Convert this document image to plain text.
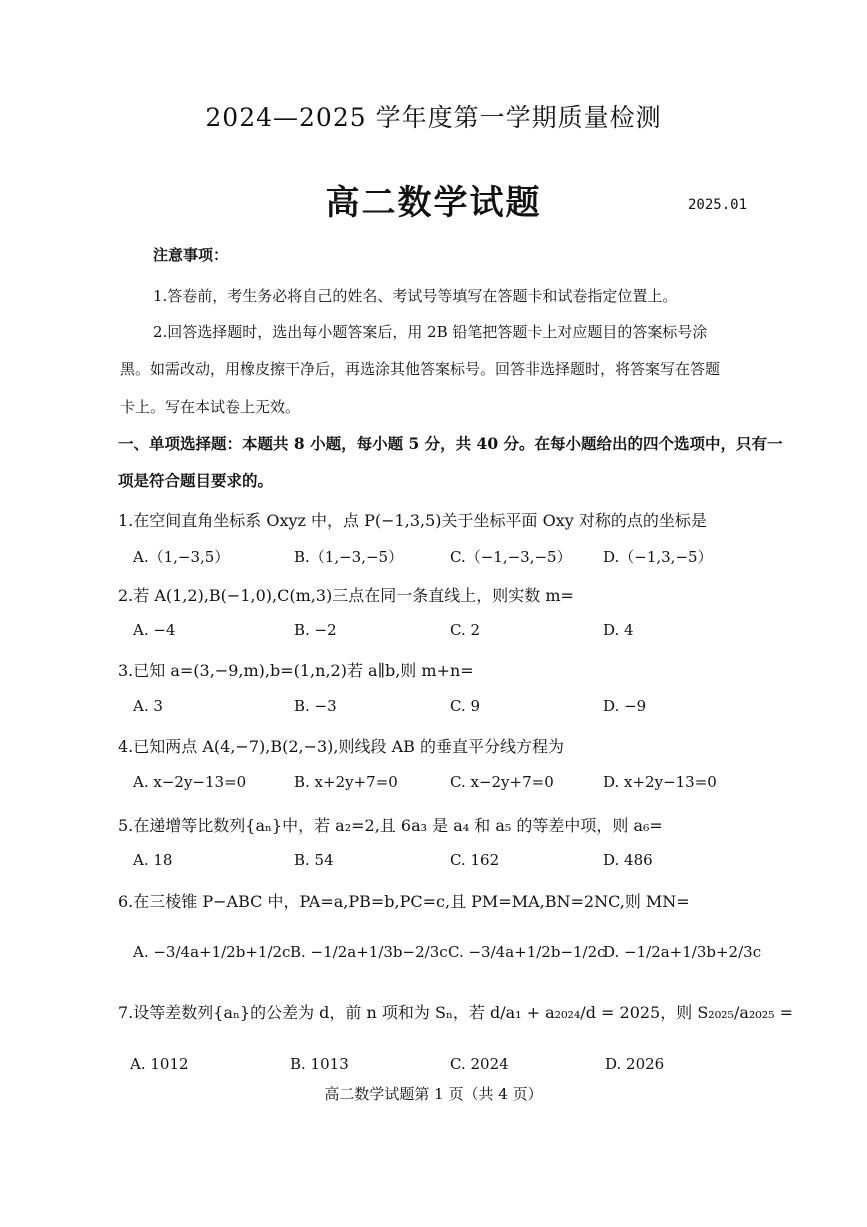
2024—2025 学年度第一学期质量检测
高二数学试题	2025.01
注意事项：
1.答卷前，考生务必将自己的姓名、考试号等填写在答题卡和试卷指定位置上。
2.回答选择题时，选出每小题答案后，用 2B 铅笔把答题卡上对应题目的答案标号涂
黑。如需改动，用橡皮擦干净后，再选涂其他答案标号。回答非选择题时，将答案写在答题
卡上。写在本试卷上无效。
一、单项选择题：本题共 8 小题，每小题 5 分，共 40 分。在每小题给出的四个选项中，只有一
项是符合题目要求的。
1.在空间直角坐标系 Oxyz 中，点 P(−1,3,5)关于坐标平面 Oxy 对称的点的坐标是
2.若 A(1,2),B(−1,0),C(m,3)三点在同一条直线上，则实数 m=
3.已知 a=(3,−9,m),b=(1,n,2)若 a∥b,则 m+n=
4.已知两点 A(4,−7),B(2,−3),则线段 AB 的垂直平分线方程为
5.在递增等比数列{aₙ}中，若 a₂=2,且 6a₃ 是 a₄ 和 a₅ 的等差中项，则 a₆=
6.在三棱锥 P−ABC 中，PA=a,PB=b,PC=c,且 PM=MA,BN=2NC,则 MN=
7.设等差数列{aₙ}的公差为 d，前 n 项和为 Sₙ，若 d/a₁ + a₂₀₂₄/d = 2025，则 S₂₀₂₅/a₂₀₂₅ =
A.（1,−3,5）	B.（1,−3,−5）	C.（−1,−3,−5） D.（−1,3,−5）
A. −4	B. −2	C. 2	D. 4
A. 3	B. −3	C. 9	D. −9
A. x−2y−13=0	B. x+2y+7=0	C. x−2y+7=0	D. x+2y−13=0
A. 18	B. 54	C. 162	D. 486
A. −3/4a+1/2b+1/2c B. −1/2a+1/3b−2/3c C. −3/4a+1/2b−1/2c
D. −1/2a+1/3b+2/3c
A. 1012	B. 1013	C. 2024	D. 2026
高二数学试题第 1 页（共 4 页）
